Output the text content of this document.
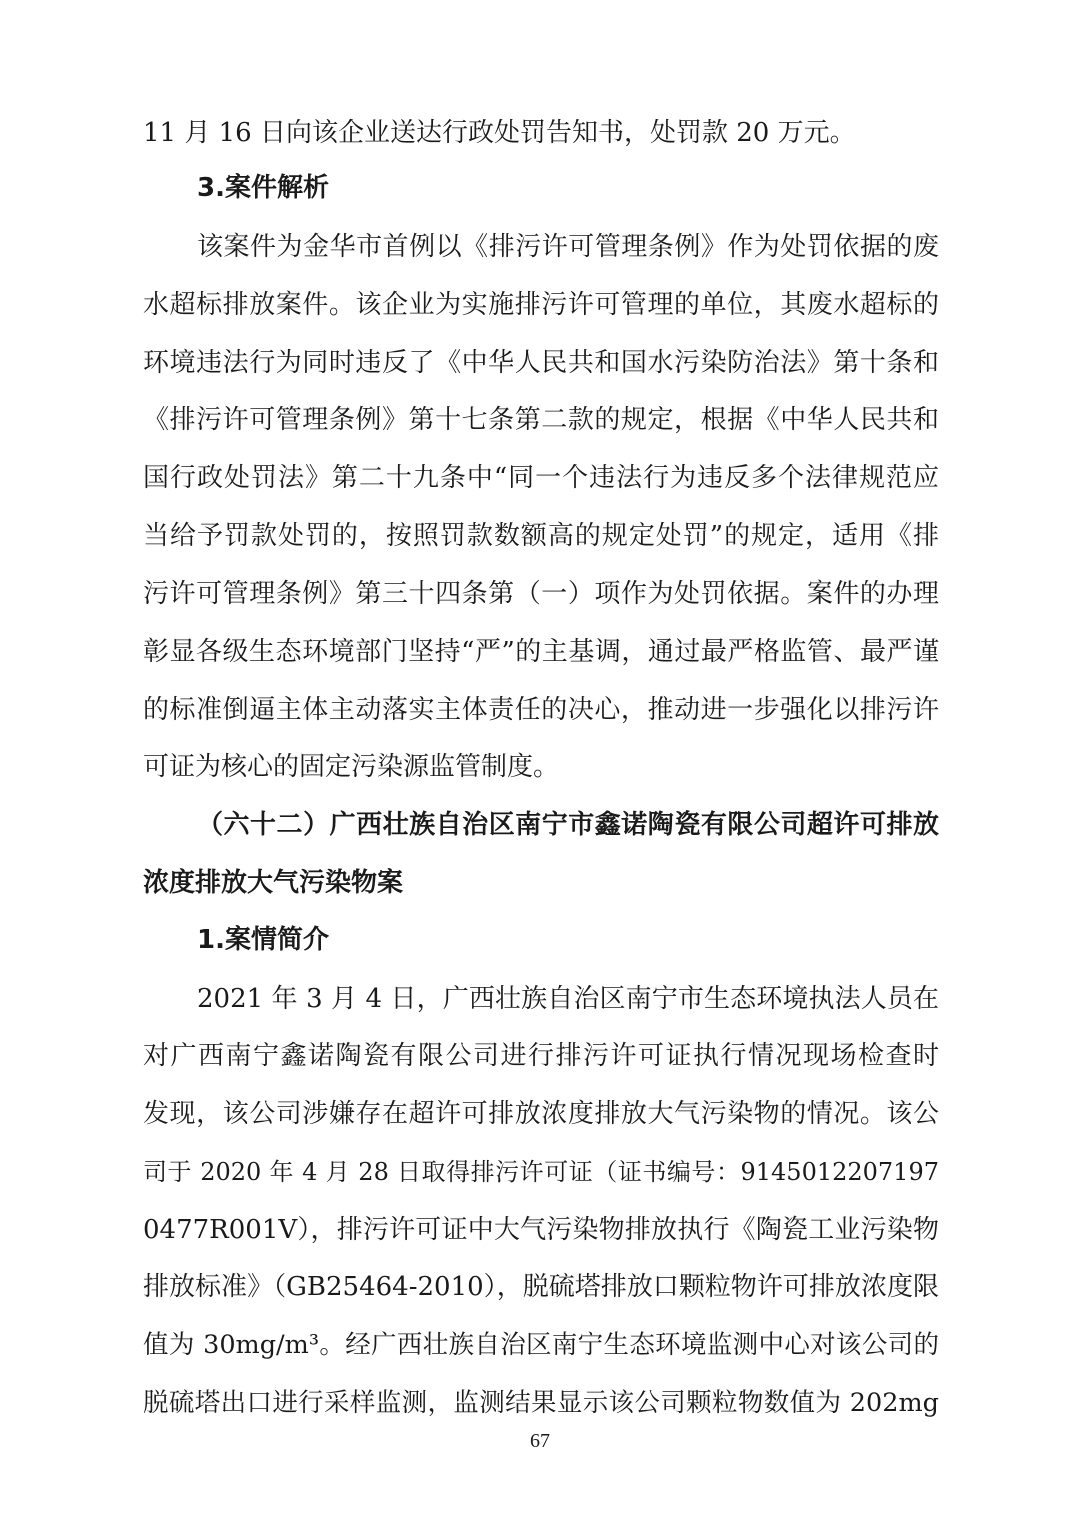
11 月 16 日向该企业送达行政处罚告知书，处罚款 20 万元。
3.案件解析
该案件为金华市首例以《排污许可管理条例》作为处罚依据的废
水超标排放案件。该企业为实施排污许可管理的单位，其废水超标的
环境违法行为同时违反了《中华人民共和国水污染防治法》第十条和
《排污许可管理条例》第十七条第二款的规定，根据《中华人民共和
国行政处罚法》第二十九条中“同一个违法行为违反多个法律规范应
当给予罚款处罚的，按照罚款数额高的规定处罚”的规定，适用《排
污许可管理条例》第三十四条第（一）项作为处罚依据。案件的办理
彰显各级生态环境部门坚持“严”的主基调，通过最严格监管、最严谨
的标准倒逼主体主动落实主体责任的决心，推动进一步强化以排污许
可证为核心的固定污染源监管制度。
（六十二）广西壮族自治区南宁市鑫诺陶瓷有限公司超许可排放
浓度排放大气污染物案
1.案情简介
2021 年 3 月 4 日，广西壮族自治区南宁市生态环境执法人员在
对广西南宁鑫诺陶瓷有限公司进行排污许可证执行情况现场检查时
发现，该公司涉嫌存在超许可排放浓度排放大气污染物的情况。该公
司于 2020 年 4 月 28 日取得排污许可证（证书编号：9145012207197
0477R001V），排污许可证中大气污染物排放执行《陶瓷工业污染物
排放标准》（GB25464-2010），脱硫塔排放口颗粒物许可排放浓度限
值为 30mg/m³。经广西壮族自治区南宁生态环境监测中心对该公司的
脱硫塔出口进行采样监测，监测结果显示该公司颗粒物数值为 202mg
67
